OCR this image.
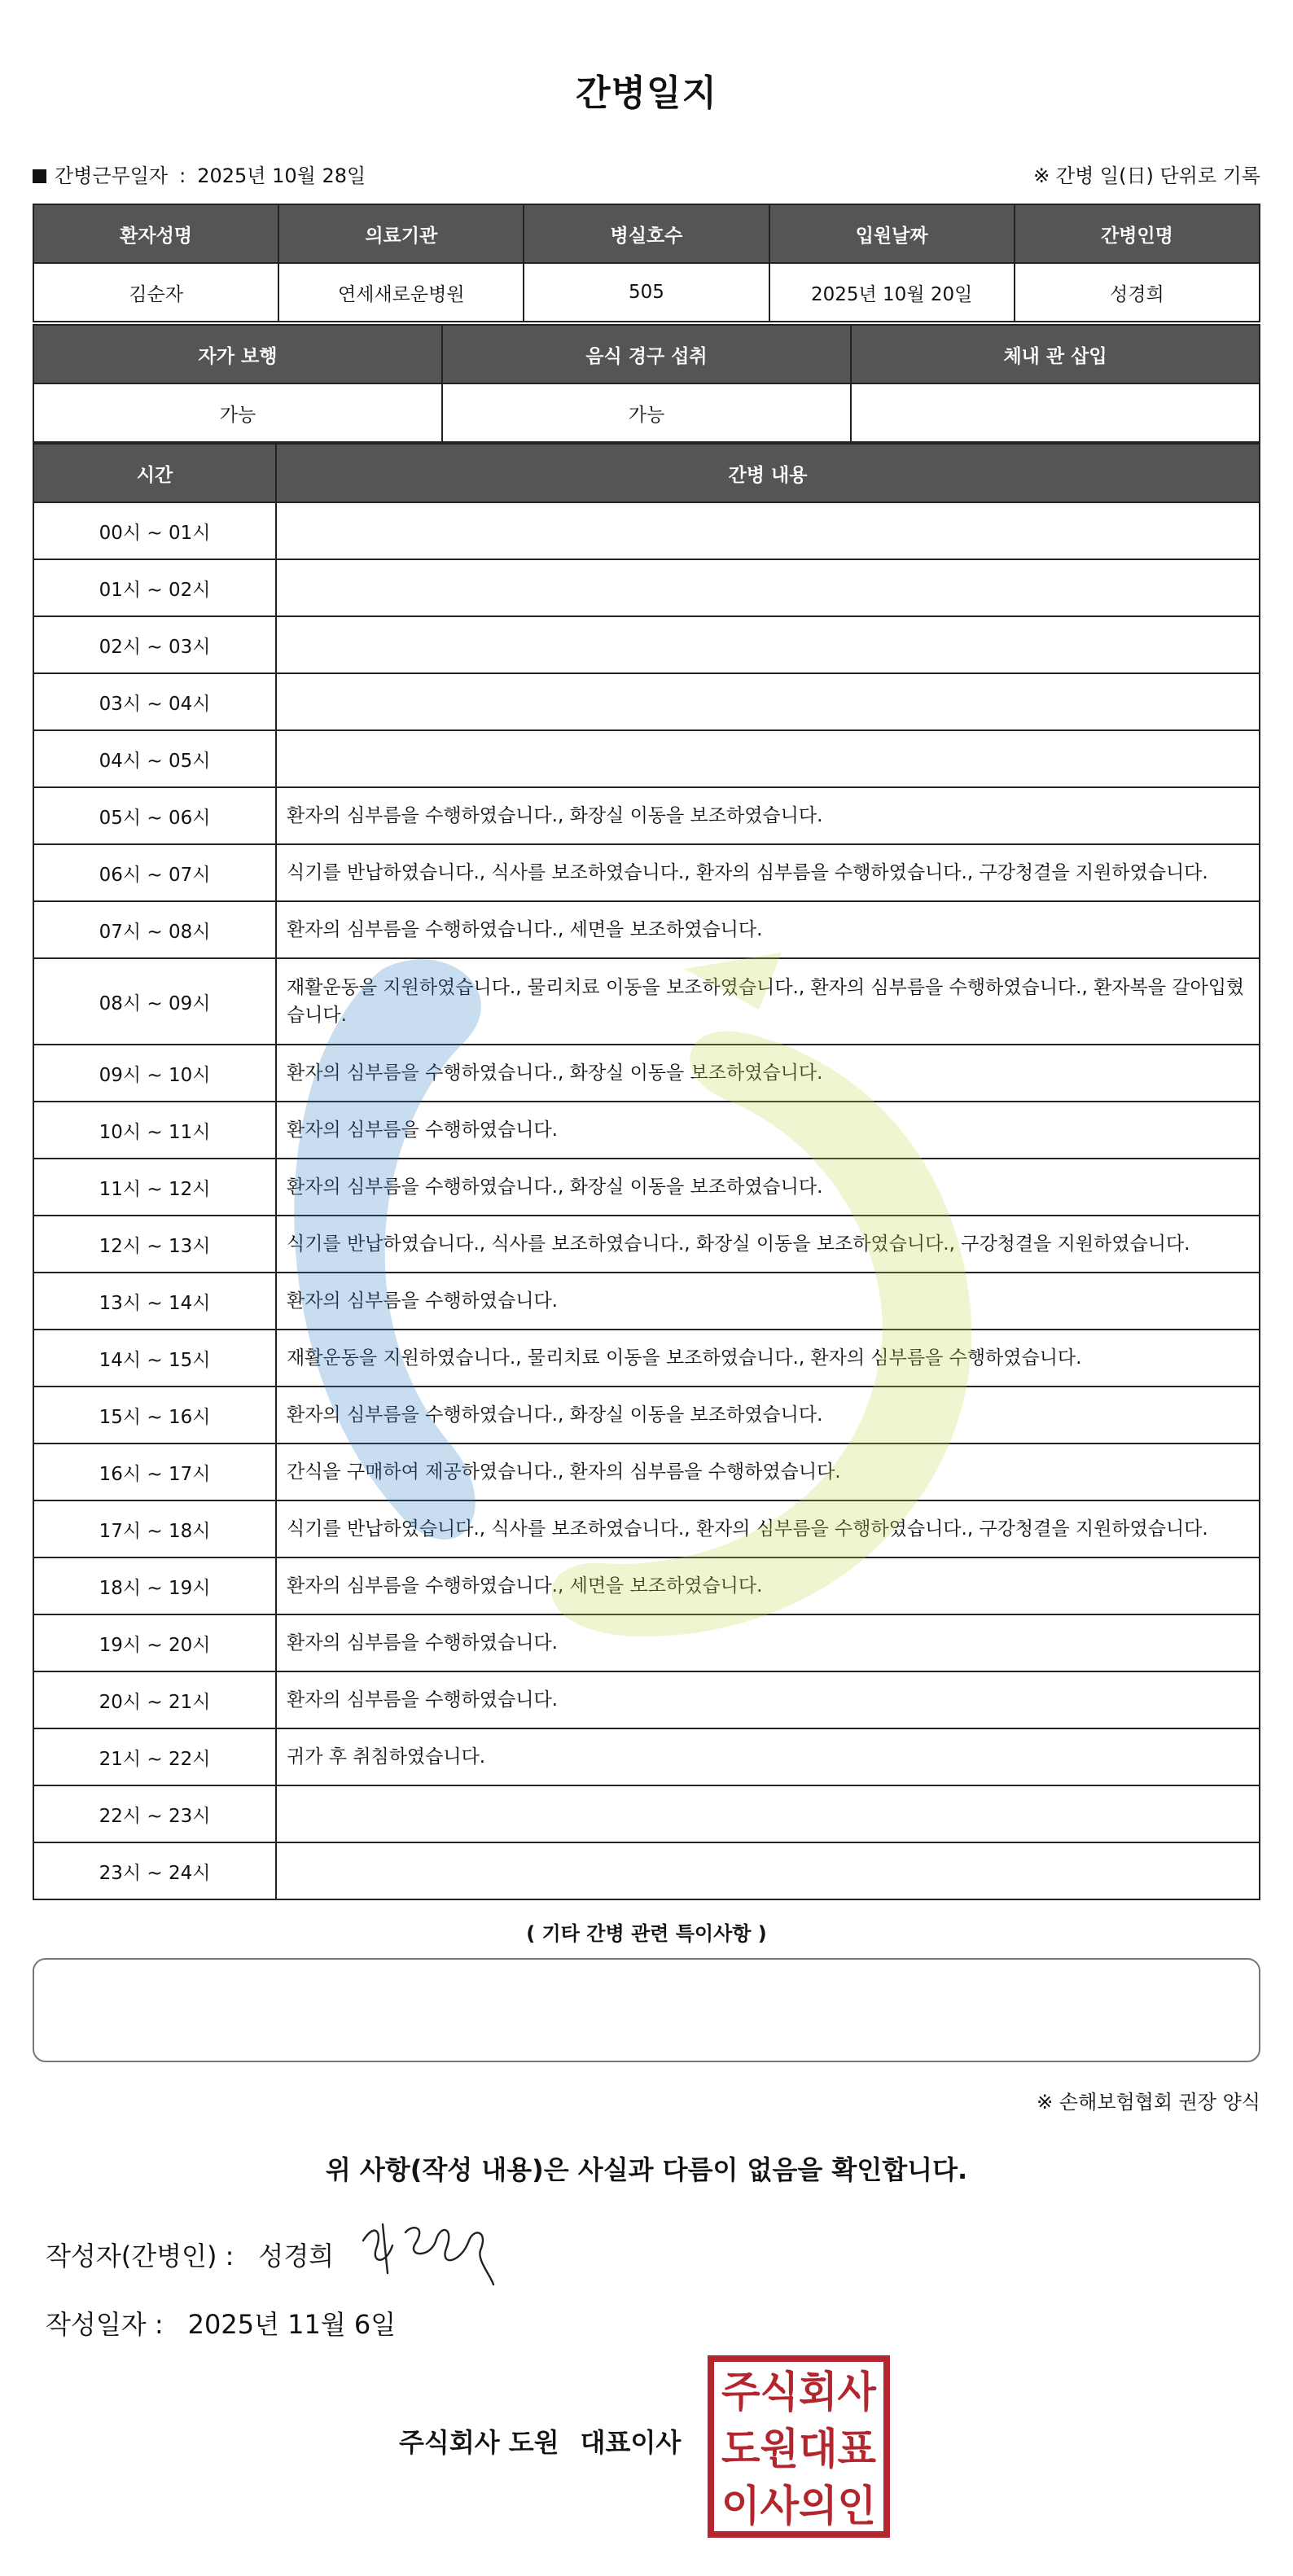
간병일지
간병근무일자 : 2025년 10월 28일	※ 간병 일(日) 단위로 기록
환자성명	의료기관	병실호수	입원날짜	간병인명
김순자	연세새로운병원	505	2025년 10월 20일	성경희
자가 보행	음식 경구 섭취	체내 관 삽입
가능	가능	
시간	간병 내용
00시 ~ 01시	
01시 ~ 02시	
02시 ~ 03시	
03시 ~ 04시	
04시 ~ 05시	
05시 ~ 06시	환자의 심부름을 수행하였습니다., 화장실 이동을 보조하였습니다.
06시 ~ 07시	식기를 반납하였습니다., 식사를 보조하였습니다., 환자의 심부름을 수행하였습니다., 구강청결을 지원하였습니다.
07시 ~ 08시	환자의 심부름을 수행하였습니다., 세면을 보조하였습니다.
08시 ~ 09시	재활운동을 지원하였습니다., 물리치료 이동을 보조하였습니다., 환자의 심부름을 수행하였습니다., 환자복을 갈아입혔습니다.
09시 ~ 10시	환자의 심부름을 수행하였습니다., 화장실 이동을 보조하였습니다.
10시 ~ 11시	환자의 심부름을 수행하였습니다.
11시 ~ 12시	환자의 심부름을 수행하였습니다., 화장실 이동을 보조하였습니다.
12시 ~ 13시	식기를 반납하였습니다., 식사를 보조하였습니다., 화장실 이동을 보조하였습니다., 구강청결을 지원하였습니다.
13시 ~ 14시	환자의 심부름을 수행하였습니다.
14시 ~ 15시	재활운동을 지원하였습니다., 물리치료 이동을 보조하였습니다., 환자의 심부름을 수행하였습니다.
15시 ~ 16시	환자의 심부름을 수행하였습니다., 화장실 이동을 보조하였습니다.
16시 ~ 17시	간식을 구매하여 제공하였습니다., 환자의 심부름을 수행하였습니다.
17시 ~ 18시	식기를 반납하였습니다., 식사를 보조하였습니다., 환자의 심부름을 수행하였습니다., 구강청결을 지원하였습니다.
18시 ~ 19시	환자의 심부름을 수행하였습니다., 세면을 보조하였습니다.
19시 ~ 20시	환자의 심부름을 수행하였습니다.
20시 ~ 21시	환자의 심부름을 수행하였습니다.
21시 ~ 22시	귀가 후 취침하였습니다.
22시 ~ 23시	
23시 ~ 24시	
( 기타 간병 관련 특이사항 )
※ 손해보험협회 권장 양식
위 사항(작성 내용)은 사실과 다름이 없음을 확인합니다.
작성자(간병인) : 성경희
작성일자 : 2025년 11월 6일
주식회사 도원 대표이사
주식회사
도원대표
이사의인
